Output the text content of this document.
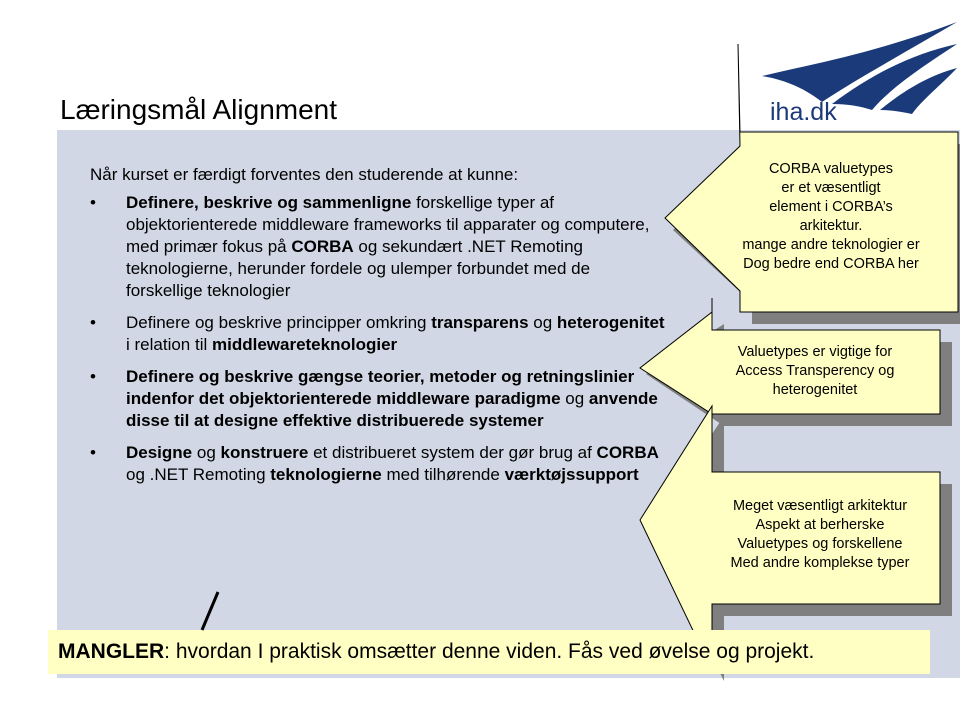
iha.dk
Læringsmål Alignment

Når kurset er færdigt forventes den studerende at kunne:

• Definere, beskrive og sammenligne forskellige typer af objektorienterede middleware frameworks til apparater og computere, med primær fokus på CORBA og sekundært .NET Remoting teknologierne, herunder fordele og ulemper forbundet med de forskellige teknologier
• Definere og beskrive principper omkring transparens og heterogenitet i relation til middlewareteknologier
• Definere og beskrive gængse teorier, metoder og retningslinier indenfor det objektorienterede middleware paradigme og anvende disse til at designe effektive distribuerede systemer
• Designe og konstruere et distribueret system der gør brug af CORBA og .NET Remoting teknologierne med tilhørende værktøjssupport
CORBA valuetypes
er et væsentligt
element i CORBA’s
arkitektur.
mange andre teknologier er
Dog bedre end CORBA her
Valuetypes er vigtige for
Access Transperency og
heterogenitet
Meget væsentligt arkitektur
Aspekt at berherske
Valuetypes og forskellene
Med andre komplekse typer
MANGLER: hvordan I praktisk omsætter denne viden. Fås ved øvelse og projekt.
